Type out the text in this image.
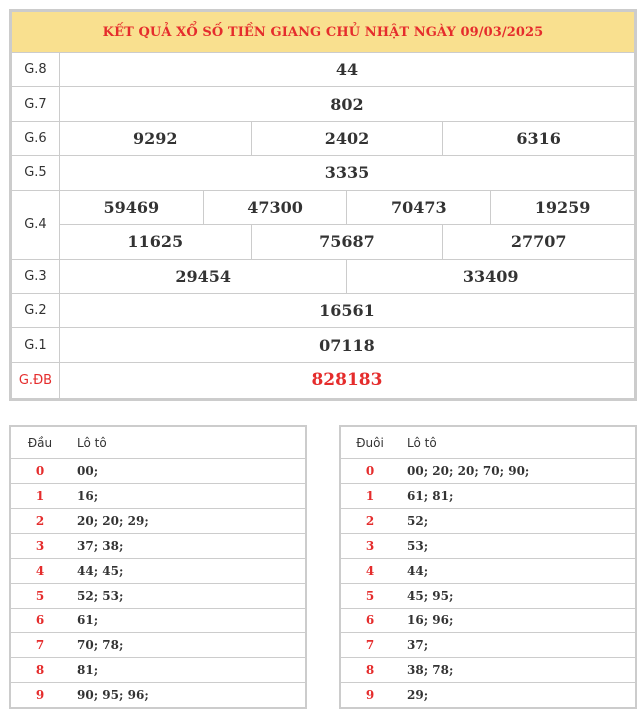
KẾT QUẢ XỔ SỐ TIỀN GIANG CHỦ NHẬT NGÀY 09/03/2025						
G.8	44					
G.7	802					
G.6	9292		2402		6316	
G.5	3335					
G.4	59469	47300		70473		19259
	11625		75687		27707	
G.3	29454			33409		
G.2	16561					
G.1	07118					
G.ĐB	828183					
Đầu	Lô tô
0	00;
1	16;
2	20; 20; 29;
3	37; 38;
4	44; 45;
5	52; 53;
6	61;
7	70; 78;
8	81;
9	90; 95; 96;
Đuôi	Lô tô
0	00; 20; 20; 70; 90;
1	61; 81;
2	52;
3	53;
4	44;
5	45; 95;
6	16; 96;
7	37;
8	38; 78;
9	29;
